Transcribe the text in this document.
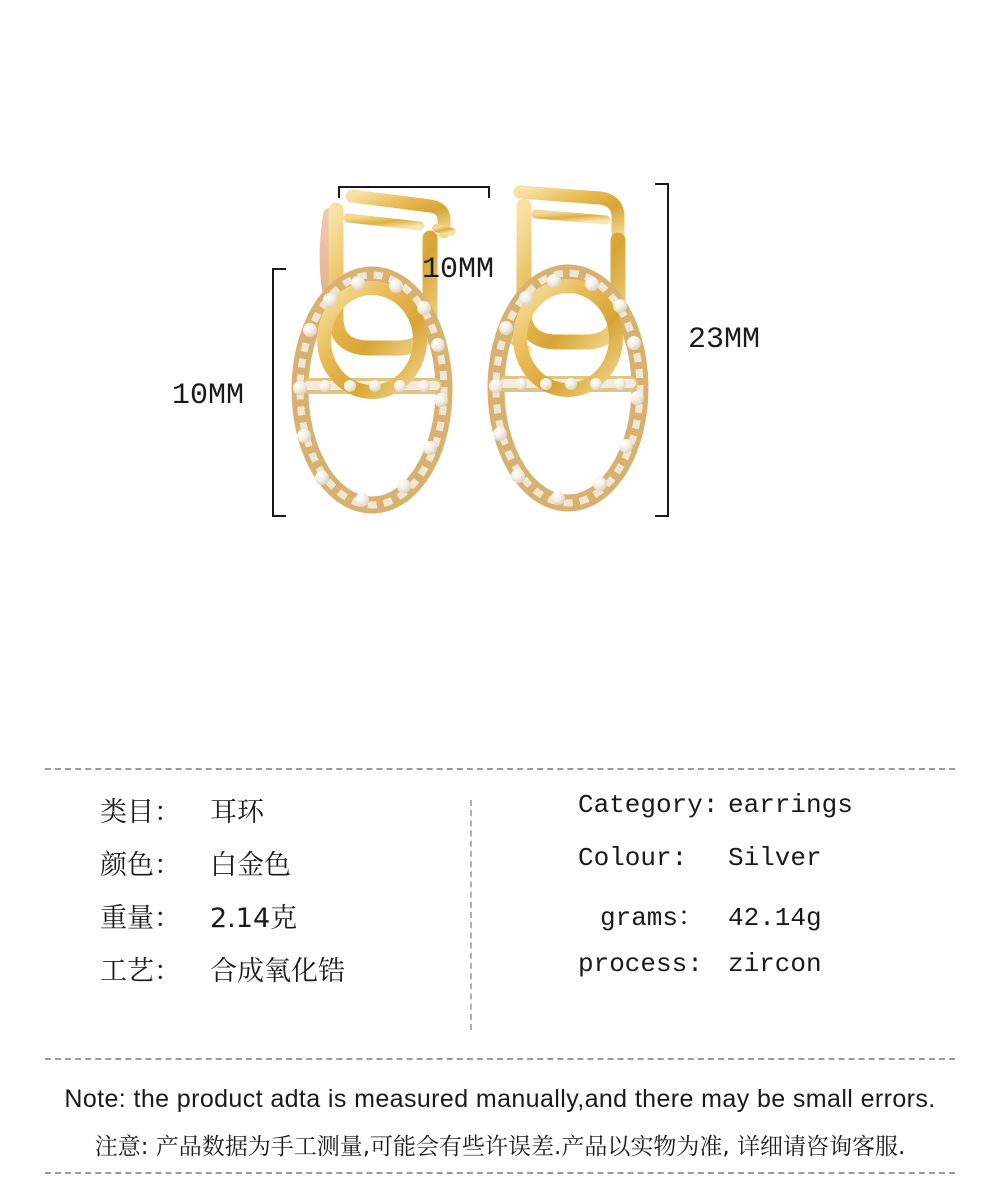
10MM
10MM
23MM
类目：	耳环
颜色：	白金色
重量：	2.14克
工艺：	合成氧化锆
Category: earrings
Colour:	Silver
grams： 42.14g
process: zircon
Note: the product adta is measured manually,and there may be small errors.
注意: 产品数据为手工测量,可能会有些许误差.产品以实物为准, 详细请咨询客服.
